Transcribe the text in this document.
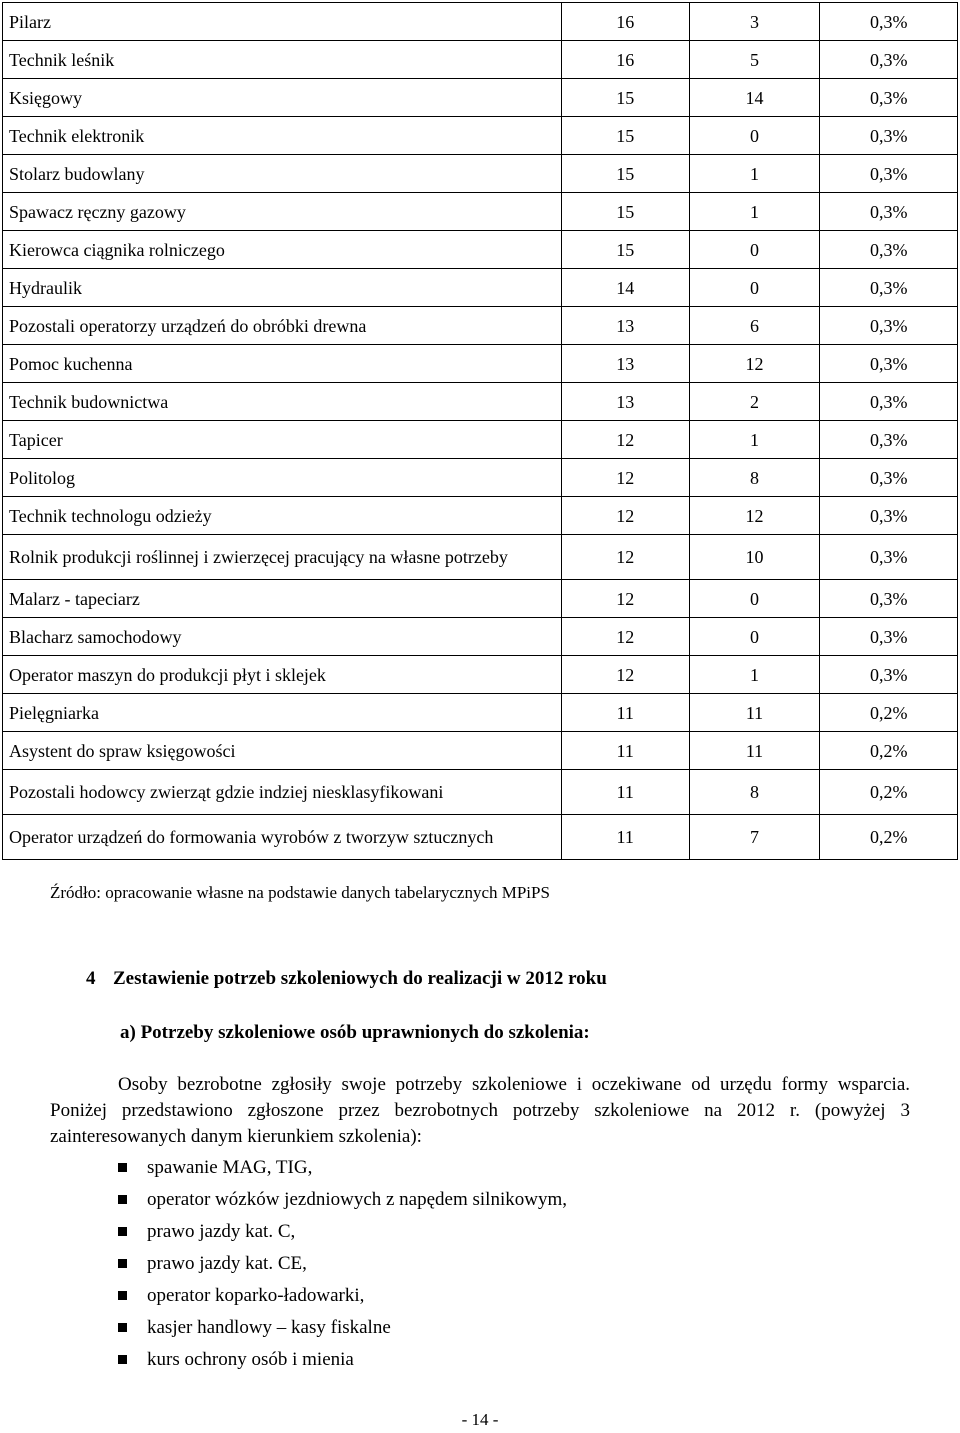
Pilarz	16	3	0,3%
Technik leśnik	16	5	0,3%
Księgowy	15	14	0,3%
Technik elektronik	15	0	0,3%
Stolarz budowlany	15	1	0,3%
Spawacz ręczny gazowy	15	1	0,3%
Kierowca ciągnika rolniczego	15	0	0,3%
Hydraulik	14	0	0,3%
Pozostali operatorzy urządzeń do obróbki drewna	13	6	0,3%
Pomoc kuchenna	13	12	0,3%
Technik budownictwa	13	2	0,3%
Tapicer	12	1	0,3%
Politolog	12	8	0,3%
Technik technologu odzieży	12	12	0,3%
Rolnik produkcji roślinnej i zwierzęcej pracujący na własne potrzeby	12	10	0,3%
Malarz - tapeciarz	12	0	0,3%
Blacharz samochodowy	12	0	0,3%
Operator maszyn do produkcji płyt i sklejek	12	1	0,3%
Pielęgniarka	11	11	0,2%
Asystent do spraw księgowości	11	11	0,2%
Pozostali hodowcy zwierząt gdzie indziej niesklasyfikowani	11	8	0,2%
Operator urządzeń do formowania wyrobów z tworzyw sztucznych	11	7	0,2%
Źródło: opracowanie własne na podstawie danych tabelarycznych MPiPS
4 Zestawienie potrzeb szkoleniowych do realizacji w 2012 roku
a) Potrzeby szkoleniowe osób uprawnionych do szkolenia:
Osoby bezrobotne zgłosiły swoje potrzeby szkoleniowe i oczekiwane od urzędu formy wsparcia. Poniżej przedstawiono zgłoszone przez bezrobotnych potrzeby szkoleniowe na 2012 r. (powyżej 3 zainteresowanych danym kierunkiem szkolenia):
spawanie MAG, TIG,
operator wózków jezdniowych z napędem silnikowym,
prawo jazdy kat. C,
prawo jazdy kat. CE,
operator koparko-ładowarki,
kasjer handlowy – kasy fiskalne
kurs ochrony osób i mienia
- 14 -
